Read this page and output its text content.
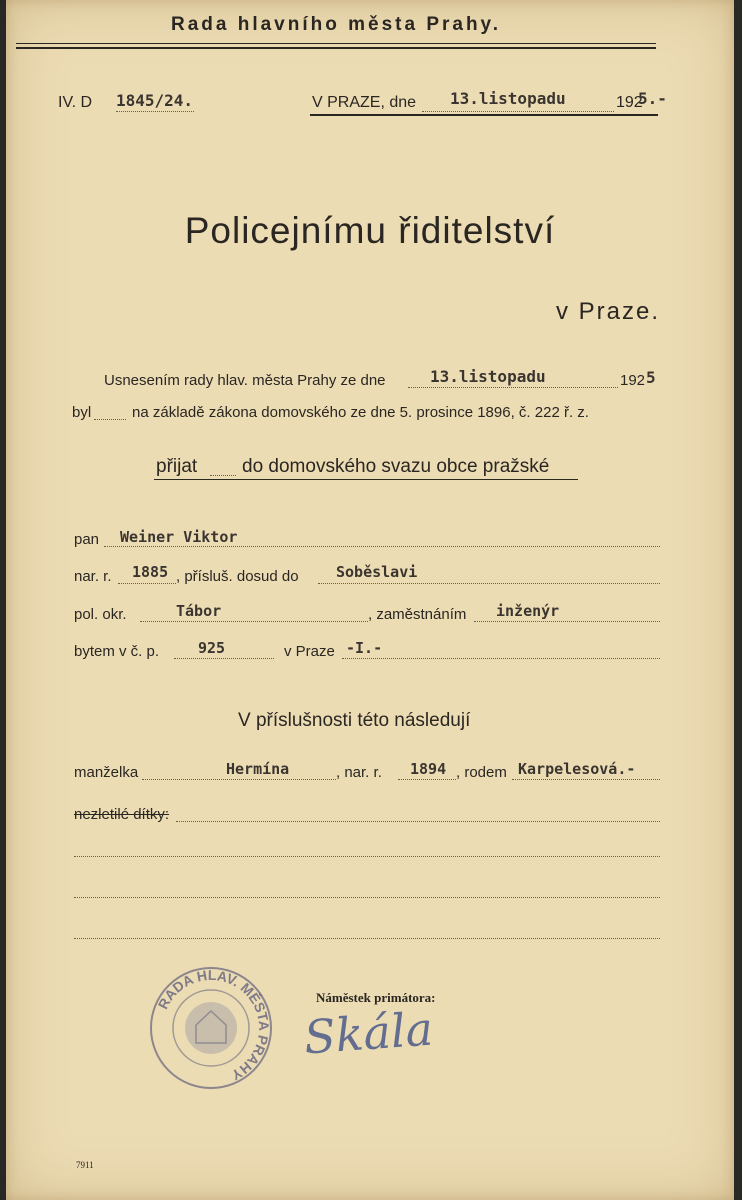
Rada hlavního města Prahy.
IV. D 1845/24.	V PRAZE, dne 13.listopadu	192
5.-
Policejnímu řiditelství
v Praze.
Usnesením rady hlav. města Prahy ze dne	13.listopadu	192 5
byl	na základě zákona domovského ze dne 5. prosince 1896, č. 222 ř. z.
přijat do domovského svazu obce pražské
pan Weiner Viktor
nar. r. 1885 , přísluš. dosud do Soběslavi
pol. okr.	Tábor	, zaměstnáním inženýr
bytem v č. p.	925	v Praze -I.-
V příslušnosti této následují
manželka	Hermína	, nar. r. 1894 , rodem Karpelesová.-
nezletilé dítky:
RADA HLAV. MĚSTA PRAHY
Náměstek primátora:
Skála
7911
